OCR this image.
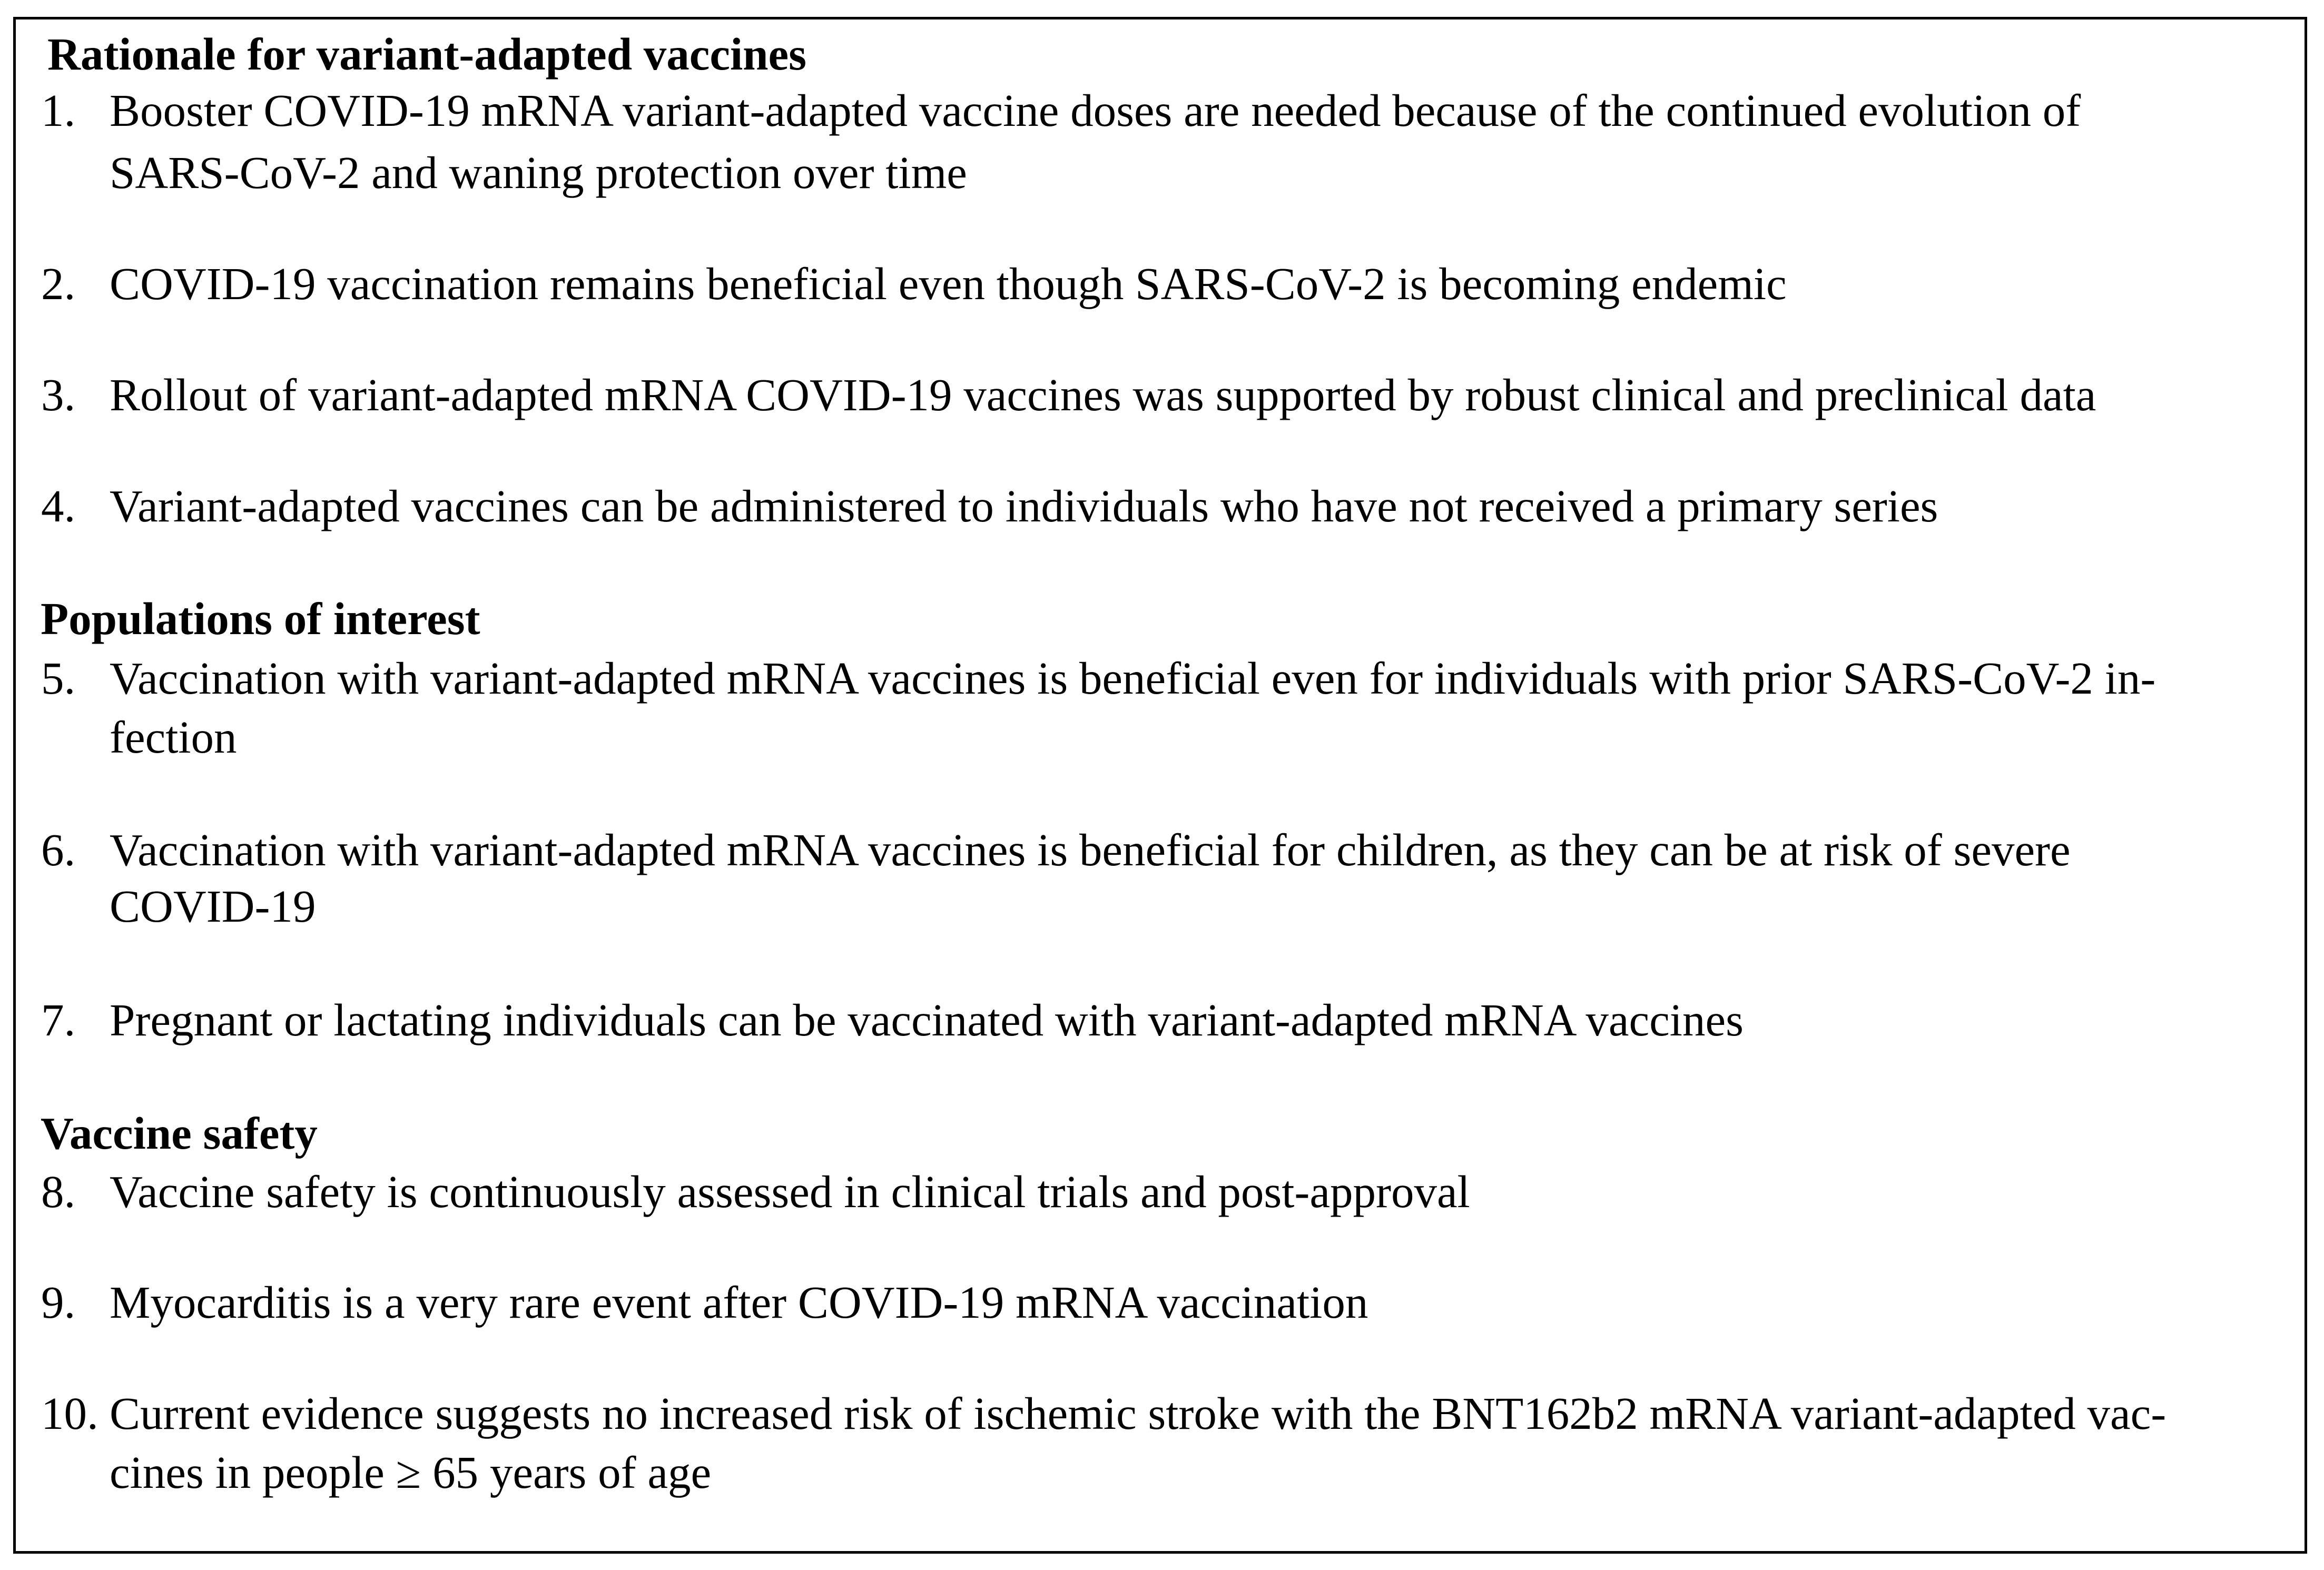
Rationale for variant-adapted vaccines
1. Booster COVID-19 mRNA variant-adapted vaccine doses are needed because of the continued evolution of
SARS-CoV-2 and waning protection over time
2. COVID-19 vaccination remains beneficial even though SARS-CoV-2 is becoming endemic
3. Rollout of variant-adapted mRNA COVID-19 vaccines was supported by robust clinical and preclinical data
4. Variant-adapted vaccines can be administered to individuals who have not received a primary series
Populations of interest
5. Vaccination with variant-adapted mRNA vaccines is beneficial even for individuals with prior SARS-CoV-2 in-
fection
6. Vaccination with variant-adapted mRNA vaccines is beneficial for children, as they can be at risk of severe
COVID-19
7. Pregnant or lactating individuals can be vaccinated with variant-adapted mRNA vaccines
Vaccine safety
8. Vaccine safety is continuously assessed in clinical trials and post-approval
9. Myocarditis is a very rare event after COVID-19 mRNA vaccination
10. Current evidence suggests no increased risk of ischemic stroke with the BNT162b2 mRNA variant-adapted vac-
cines in people ≥ 65 years of age
